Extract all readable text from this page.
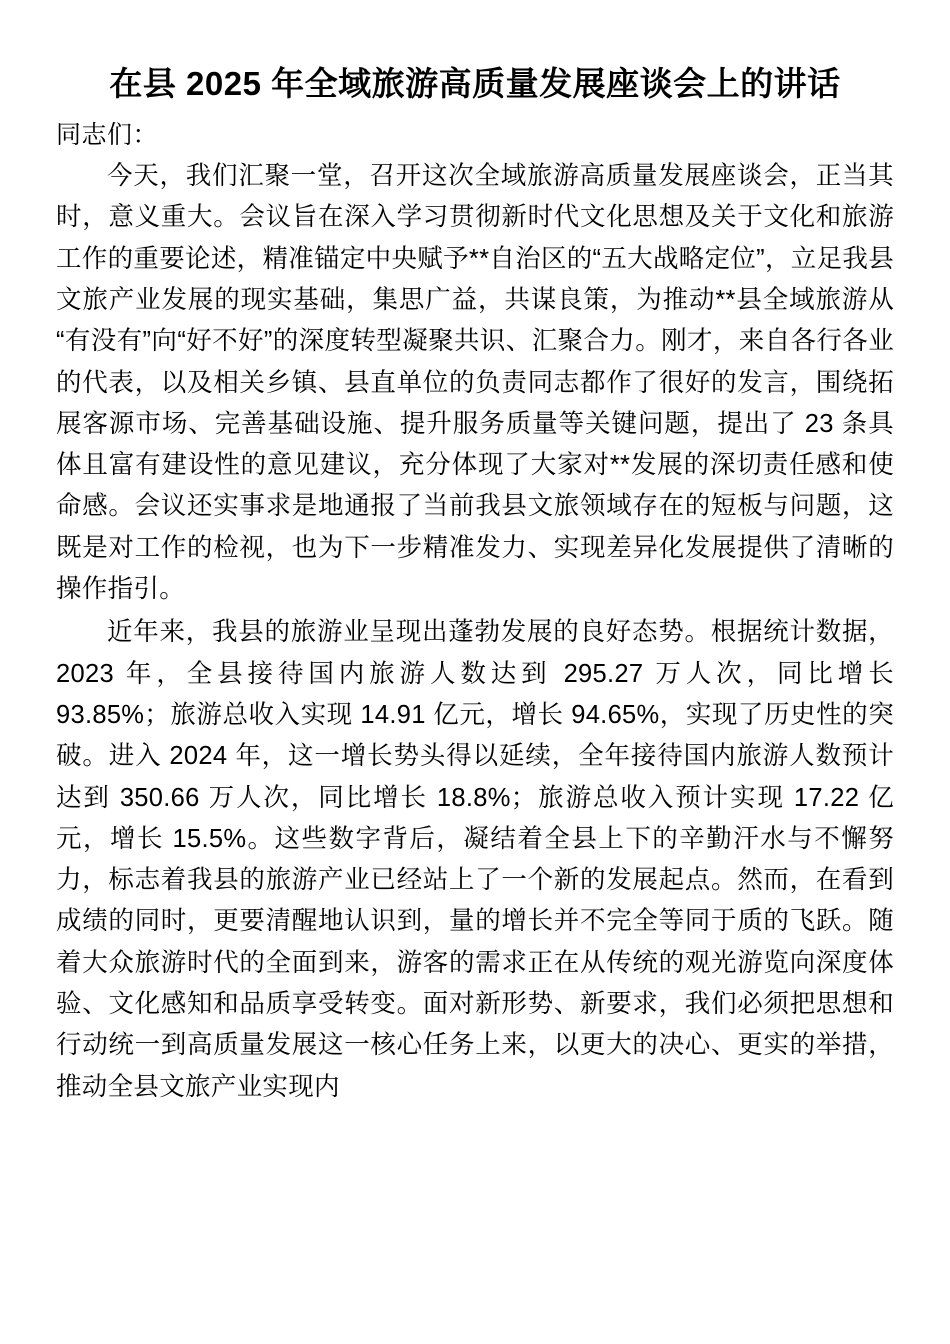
在县 2025 年全域旅游高质量发展座谈会上的讲话
同志们：

今天，我们汇聚一堂，召开这次全域旅游高质量发展座谈会，正当其时，意义重大。会议旨在深入学习贯彻新时代文化思想及关于文化和旅游工作的重要论述，精准锚定中央赋予**自治区的“五大战略定位”，立足我县文旅产业发展的现实基础，集思广益，共谋良策，为推动**县全域旅游从“有没有”向“好不好”的深度转型凝聚共识、汇聚合力。刚才，来自各行各业的代表，以及相关乡镇、县直单位的负责同志都作了很好的发言，围绕拓展客源市场、完善基础设施、提升服务质量等关键问题，提出了 23 条具体且富有建设性的意见建议，充分体现了大家对**发展的深切责任感和使命感。会议还实事求是地通报了当前我县文旅领域存在的短板与问题，这既是对工作的检视，也为下一步精准发力、实现差异化发展提供了清晰的操作指引。

近年来，我县的旅游业呈现出蓬勃发展的良好态势。根据统计数据，2023 年，全县接待国内旅游人数达到 295.27 万人次，同比增长 93.85%；旅游总收入实现 14.91 亿元，增长 94.65%，实现了历史性的突破。进入 2024 年，这一增长势头得以延续，全年接待国内旅游人数预计达到 350.66 万人次，同比增长 18.8%；旅游总收入预计实现 17.22 亿元，增长 15.5%。这些数字背后，凝结着全县上下的辛勤汗水与不懈努力，标志着我县的旅游产业已经站上了一个新的发展起点。然而，在看到成绩的同时，更要清醒地认识到，量的增长并不完全等同于质的飞跃。随着大众旅游时代的全面到来，游客的需求正在从传统的观光游览向深度体验、文化感知和品质享受转变。面对新形势、新要求，我们必须把思想和行动统一到高质量发展这一核心任务上来，以更大的决心、更实的举措，推动全县文旅产业实现内
